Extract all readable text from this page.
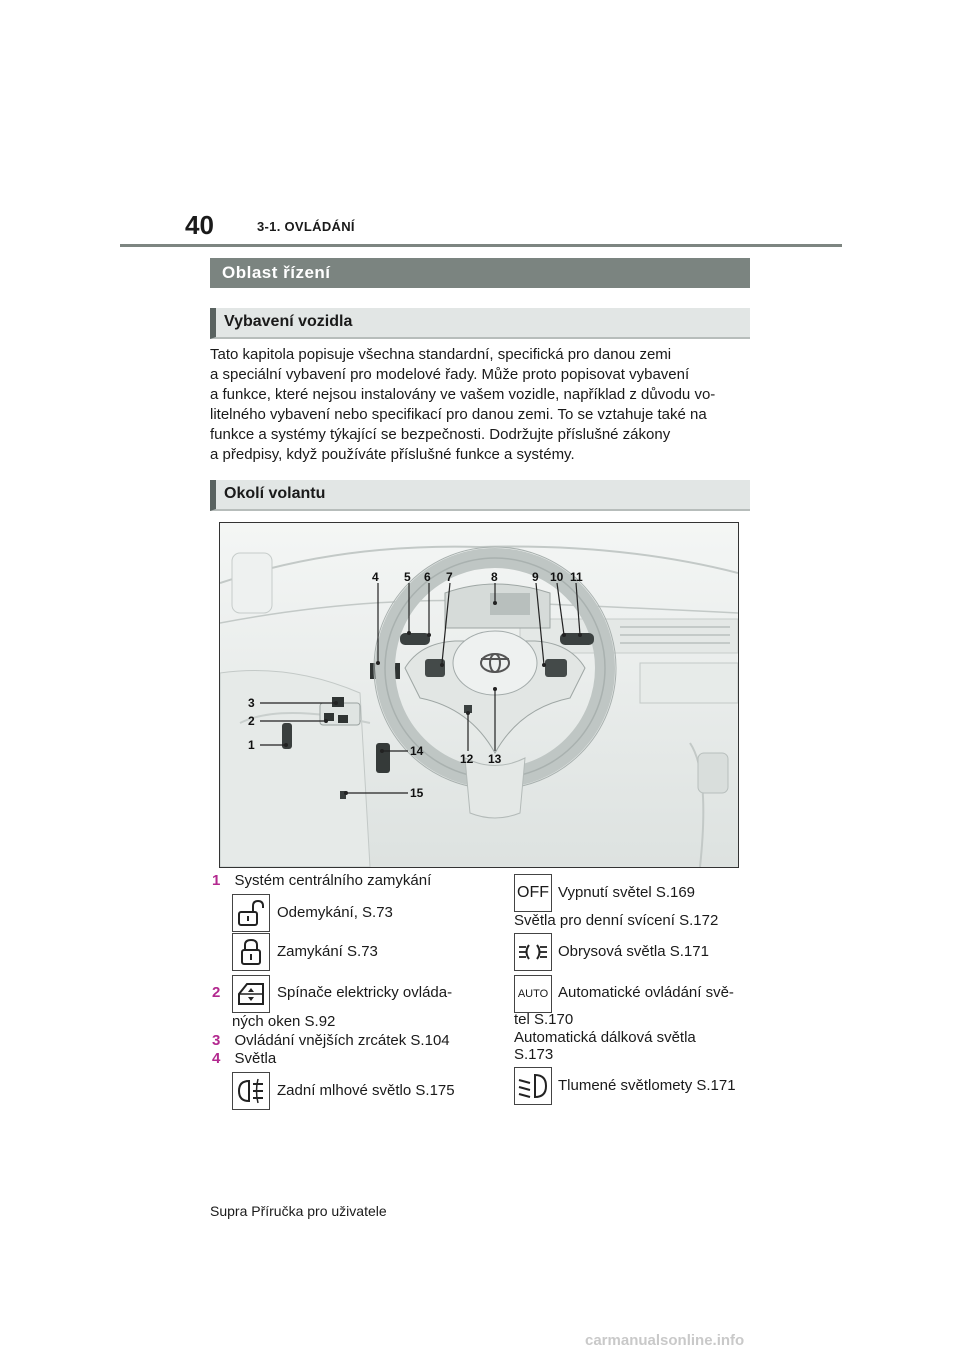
40	3-1. OVLÁDÁNÍ
Oblast řízení
Vybavení vozidla
Tato kapitola popisuje všechna standardní, specifická pro danou zemi
a speciální vybavení pro modelové řady. Může proto popisovat vybavení
a funkce, které nejsou instalovány ve vašem vozidle, například z důvodu vo-
litelného vybavení nebo specifikací pro danou zemi. To se vztahuje také na
funkce a systémy týkající se bezpečnosti. Dodržujte příslušné zákony
a předpisy, když používáte příslušné funkce a systémy.
Okolí volantu
4 5 6 7	8	9 10 11
3
2
1	14
12 13
15
1 Systém centrálního zamykání
Odemykání, S.73
Zamykání S.73
2	Spínače elektricky ovláda-
ných oken S.92
3 Ovládání vnějších zrcátek S.104
4 Světla
Zadní mlhové světlo S.175
OFF Vypnutí světel S.169
Světla pro denní svícení S.172
Obrysová světla S.171
AUTO Automatické ovládání svě-
tel S.170
Automatická dálková světla
S.173
Tlumené světlomety S.171
Supra Příručka pro uživatele
carmanualsonline.info
